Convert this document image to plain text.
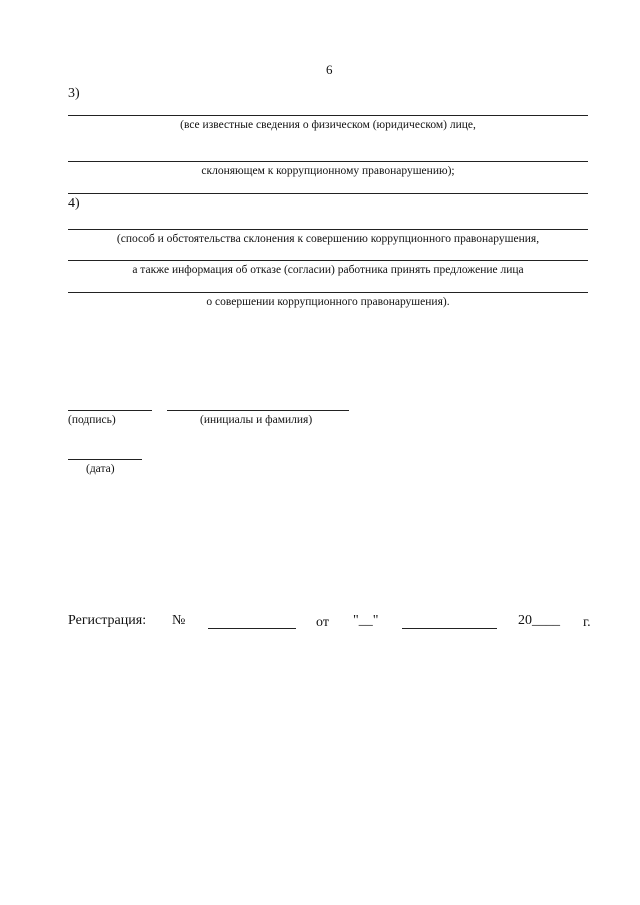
6
3)
(все известные сведения о физическом (юридическом) лице,
склоняющем к коррупционному правонарушению);
4)
(способ и обстоятельства склонения к совершению коррупционного правонарушения,
а также информация об отказе (согласии) работника принять предложение лица
о совершении коррупционного правонарушения).
(подпись)	(инициалы и фамилия)
(дата)
Регистрация: №	от "__"	20____ г.
